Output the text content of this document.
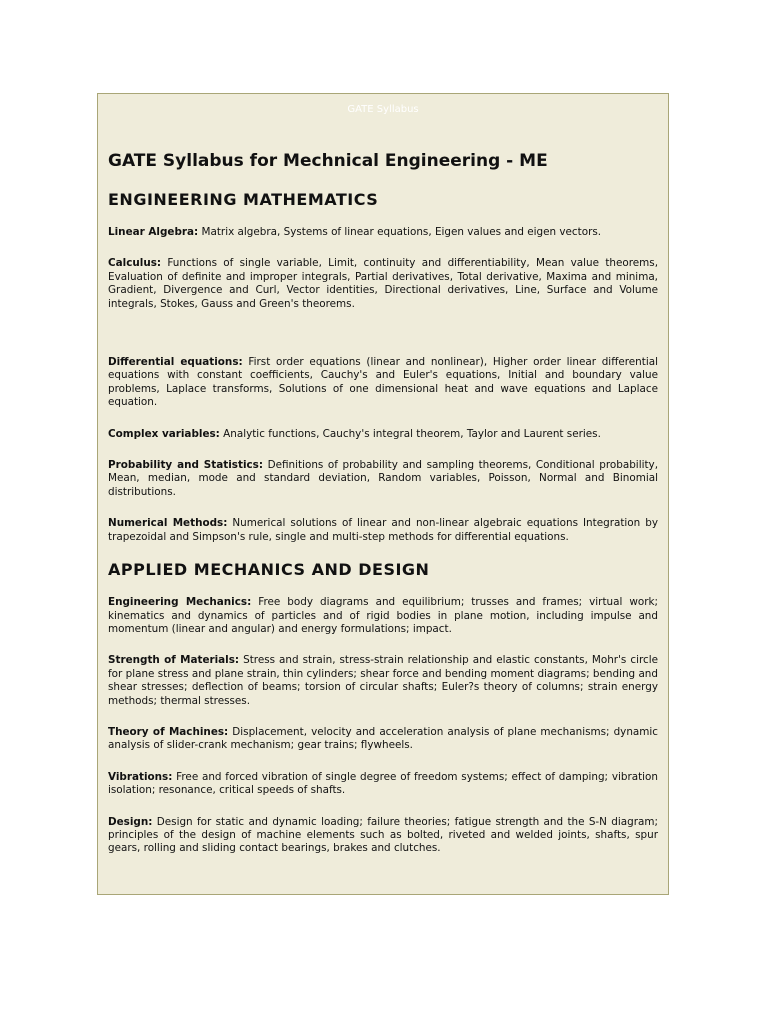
GATE Syllabus
GATE Syllabus for Mechnical Engineering - ME
ENGINEERING MATHEMATICS

Linear Algebra: Matrix algebra, Systems of linear equations, Eigen values and eigen vectors.

Calculus: Functions of single variable, Limit, continuity and differentiability, Mean value theorems, Evaluation of definite and improper integrals, Partial derivatives, Total derivative, Maxima and minima, Gradient, Divergence and Curl, Vector identities, Directional derivatives, Line, Surface and Volume integrals, Stokes, Gauss and Green's theorems.

Differential equations: First order equations (linear and nonlinear), Higher order linear differential equations with constant coefficients, Cauchy's and Euler's equations, Initial and boundary value problems, Laplace transforms, Solutions of one dimensional heat and wave equations and Laplace equation.

Complex variables: Analytic functions, Cauchy's integral theorem, Taylor and Laurent series.

Probability and Statistics: Definitions of probability and sampling theorems, Conditional probability, Mean, median, mode and standard deviation, Random variables, Poisson, Normal and Binomial distributions.

Numerical Methods: Numerical solutions of linear and non-linear algebraic equations Integration by trapezoidal and Simpson's rule, single and multi-step methods for differential equations.

APPLIED MECHANICS AND DESIGN

Engineering Mechanics: Free body diagrams and equilibrium; trusses and frames; virtual work; kinematics and dynamics of particles and of rigid bodies in plane motion, including impulse and momentum (linear and angular) and energy formulations; impact.

Strength of Materials: Stress and strain, stress-strain relationship and elastic constants, Mohr's circle for plane stress and plane strain, thin cylinders; shear force and bending moment diagrams; bending and shear stresses; deflection of beams; torsion of circular shafts; Euler?s theory of columns; strain energy methods; thermal stresses.

Theory of Machines: Displacement, velocity and acceleration analysis of plane mechanisms; dynamic analysis of slider-crank mechanism; gear trains; flywheels.

Vibrations: Free and forced vibration of single degree of freedom systems; effect of damping; vibration isolation; resonance, critical speeds of shafts.

Design: Design for static and dynamic loading; failure theories; fatigue strength and the S-N diagram; principles of the design of machine elements such as bolted, riveted and welded joints, shafts, spur gears, rolling and sliding contact bearings, brakes and clutches.
